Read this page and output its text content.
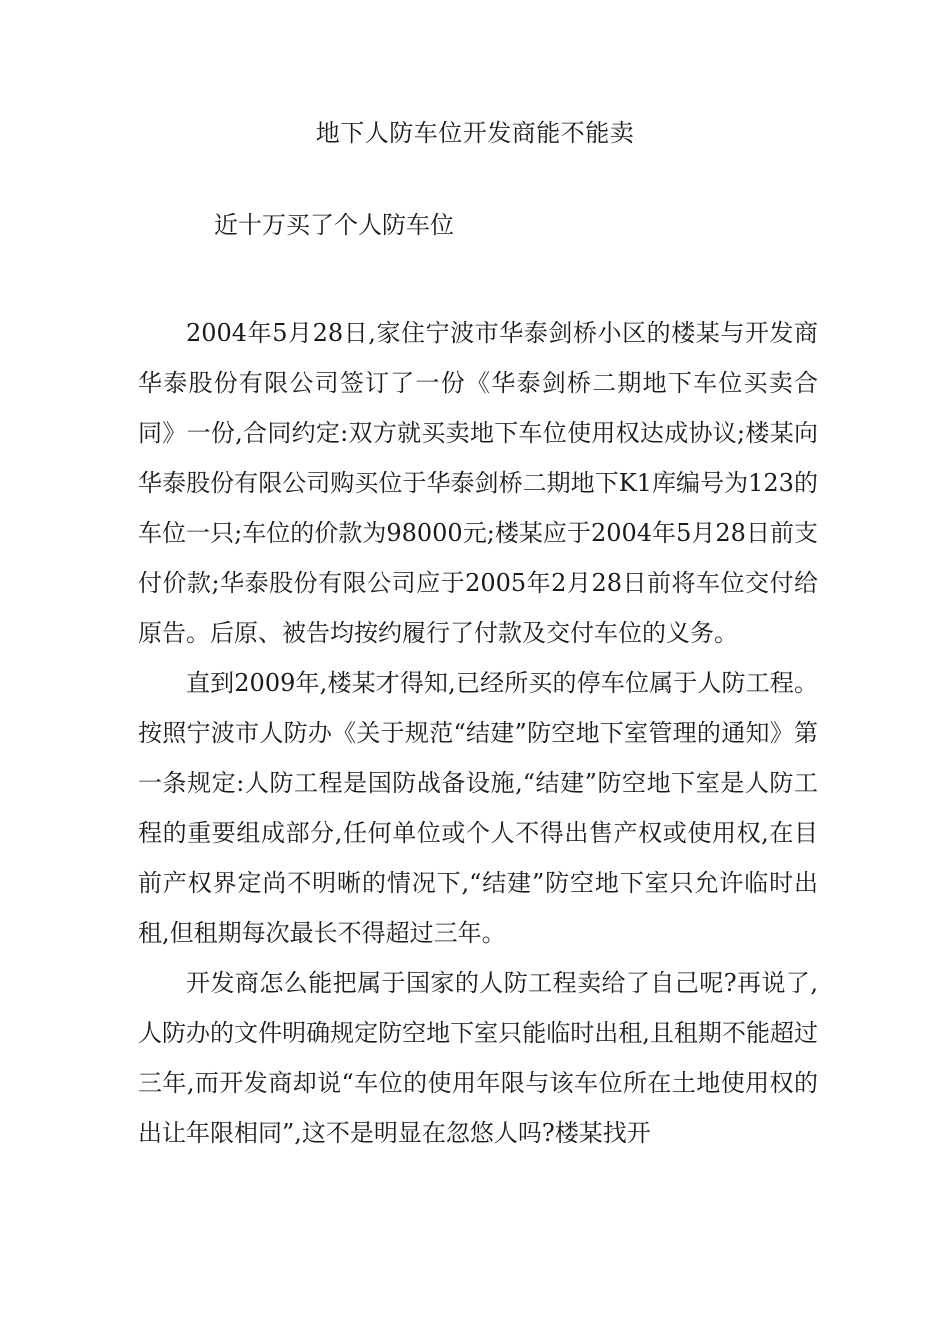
地下人防车位开发商能不能卖
近十万买了个人防车位

2004年5月28日,家住宁波市华泰剑桥小区的楼某与开发商华泰股份有限公司签订了一份《华泰剑桥二期地下车位买卖合同》一份,合同约定:双方就买卖地下车位使用权达成协议;楼某向华泰股份有限公司购买位于华泰剑桥二期地下K1库编号为123的车位一只;车位的价款为98000元;楼某应于2004年5月28日前支付价款;华泰股份有限公司应于2005年2月28日前将车位交付给原告。后原、被告均按约履行了付款及交付车位的义务。

直到2009年,楼某才得知,已经所买的停车位属于人防工程。按照宁波市人防办《关于规范“结建”防空地下室管理的通知》第一条规定:人防工程是国防战备设施,“结建”防空地下室是人防工程的重要组成部分,任何单位或个人不得出售产权或使用权,在目前产权界定尚不明晰的情况下,“结建”防空地下室只允许临时出租,但租期每次最长不得超过三年。

开发商怎么能把属于国家的人防工程卖给了自己呢?再说了,人防办的文件明确规定防空地下室只能临时出租,且租期不能超过三年,而开发商却说“车位的使用年限与该车位所在土地使用权的出让年限相同”,这不是明显在忽悠人吗?楼某找开
